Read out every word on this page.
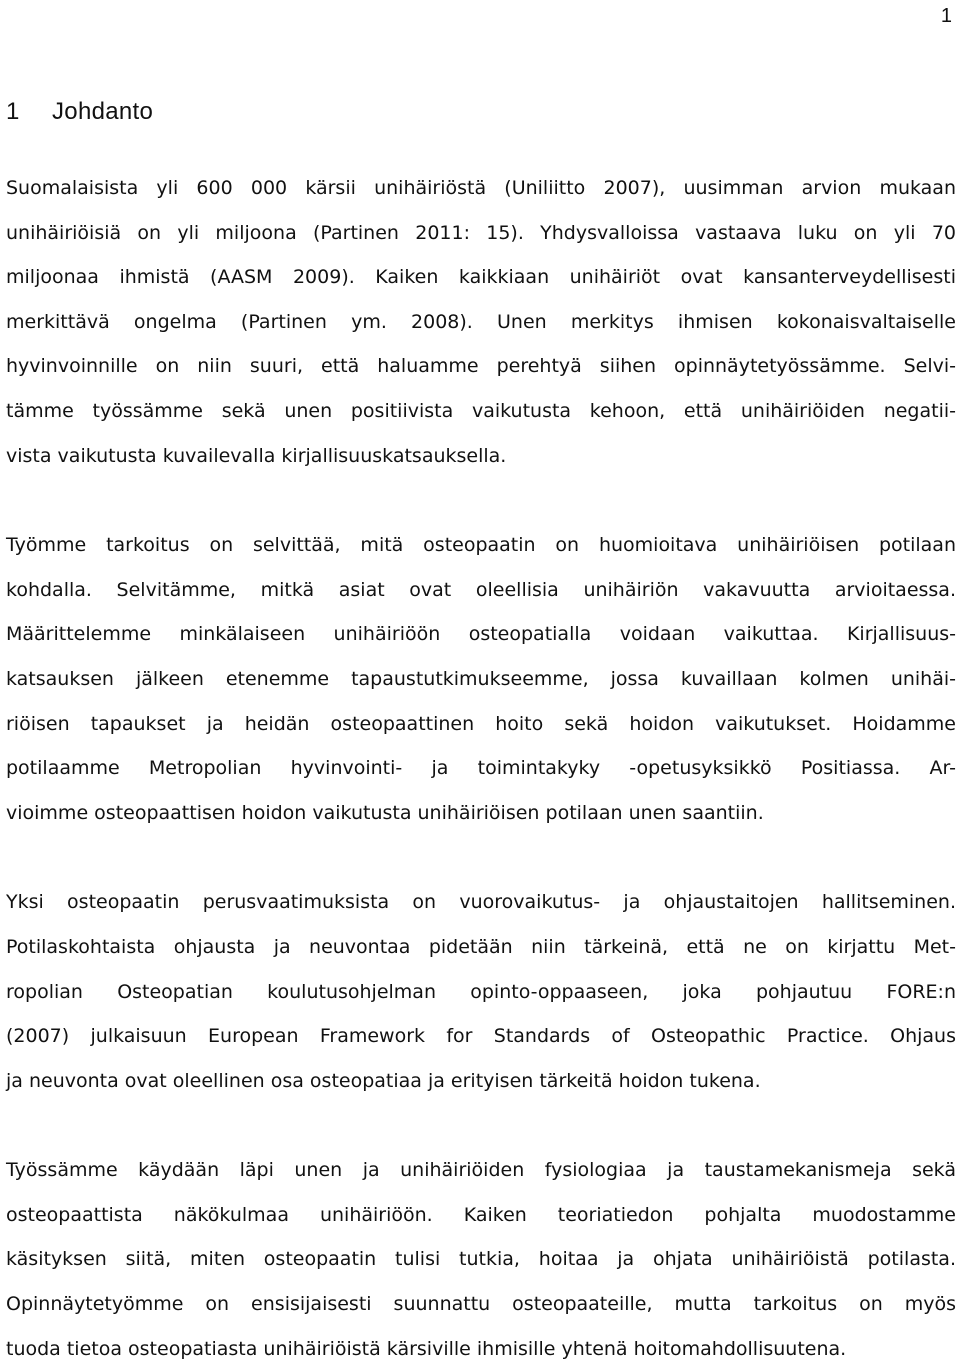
1
1 Johdanto

Suomalaisista yli 600 000 kärsii unihäiriöstä (Uniliitto 2007), uusimman arvion mukaan
unihäiriöisiä on yli miljoona (Partinen 2011: 15). Yhdysvalloissa vastaava luku on yli 70
miljoonaa ihmistä (AASM 2009). Kaiken kaikkiaan unihäiriöt ovat kansanterveydellisesti
merkittävä ongelma (Partinen ym. 2008). Unen merkitys ihmisen kokonaisvaltaiselle
hyvinvoinnille on niin suuri, että haluamme perehtyä siihen opinnäytetyössämme. Selvi-
tämme työssämme sekä unen positiivista vaikutusta kehoon, että unihäiriöiden negatii-
vista vaikutusta kuvailevalla kirjallisuuskatsauksella.

Työmme tarkoitus on selvittää, mitä osteopaatin on huomioitava unihäiriöisen potilaan
kohdalla. Selvitämme, mitkä asiat ovat oleellisia unihäiriön vakavuutta arvioitaessa.
Määrittelemme minkälaiseen unihäiriöön osteopatialla voidaan vaikuttaa. Kirjallisuus-
katsauksen jälkeen etenemme tapaustutkimukseemme, jossa kuvaillaan kolmen unihäi-
riöisen tapaukset ja heidän osteopaattinen hoito sekä hoidon vaikutukset. Hoidamme
potilaamme Metropolian hyvinvointi- ja toimintakyky -opetusyksikkö Positiassa. Ar-
vioimme osteopaattisen hoidon vaikutusta unihäiriöisen potilaan unen saantiin.

Yksi osteopaatin perusvaatimuksista on vuorovaikutus- ja ohjaustaitojen hallitseminen.
Potilaskohtaista ohjausta ja neuvontaa pidetään niin tärkeinä, että ne on kirjattu Met-
ropolian Osteopatian koulutusohjelman opinto-oppaaseen, joka pohjautuu FORE:n
(2007) julkaisuun European Framework for Standards of Osteopathic Practice. Ohjaus
ja neuvonta ovat oleellinen osa osteopatiaa ja erityisen tärkeitä hoidon tukena.

Työssämme käydään läpi unen ja unihäiriöiden fysiologiaa ja taustamekanismeja sekä
osteopaattista näkökulmaa unihäiriöön. Kaiken teoriatiedon pohjalta muodostamme
käsityksen siitä, miten osteopaatin tulisi tutkia, hoitaa ja ohjata unihäiriöistä potilasta.
Opinnäytetyömme on ensisijaisesti suunnattu osteopaateille, mutta tarkoitus on myös
tuoda tietoa osteopatiasta unihäiriöistä kärsiville ihmisille yhtenä hoitomahdollisuutena.
